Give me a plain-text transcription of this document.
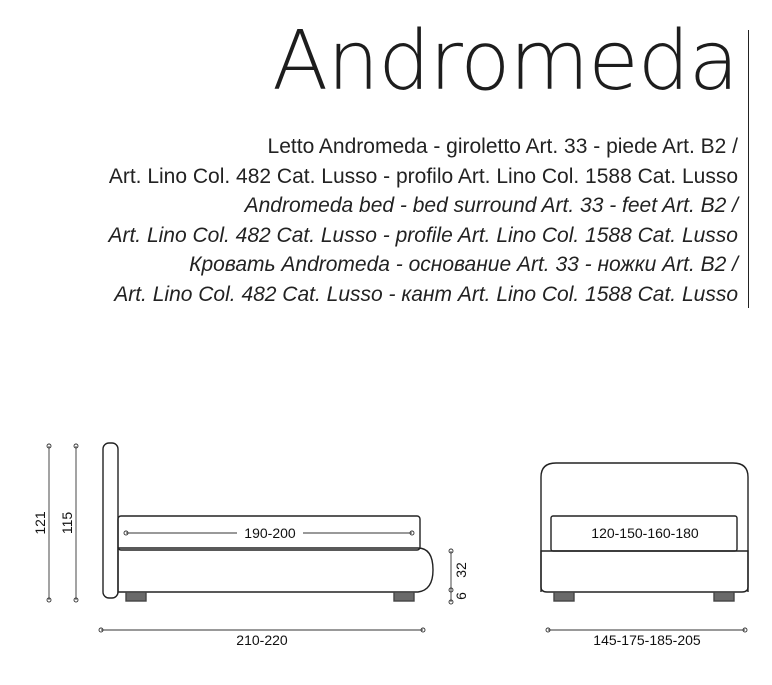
Andromeda
Letto Andromeda - giroletto Art. 33 - piede Art. B2 /
Art. Lino Col. 482 Cat. Lusso - profilo Art. Lino Col. 1588 Cat. Lusso
Andromeda bed - bed surround Art. 33 - feet Art. B2 /
Art. Lino Col. 482 Cat. Lusso - profile Art. Lino Col. 1588 Cat. Lusso
Кровать Andromeda - основание Art. 33 - ножки Art. B2 /
Art. Lino Col. 482 Cat. Lusso - кант Art. Lino Col. 1588 Cat. Lusso
121 115	190-200
32
6
210-220
120-150-160-180
145-175-185-205
